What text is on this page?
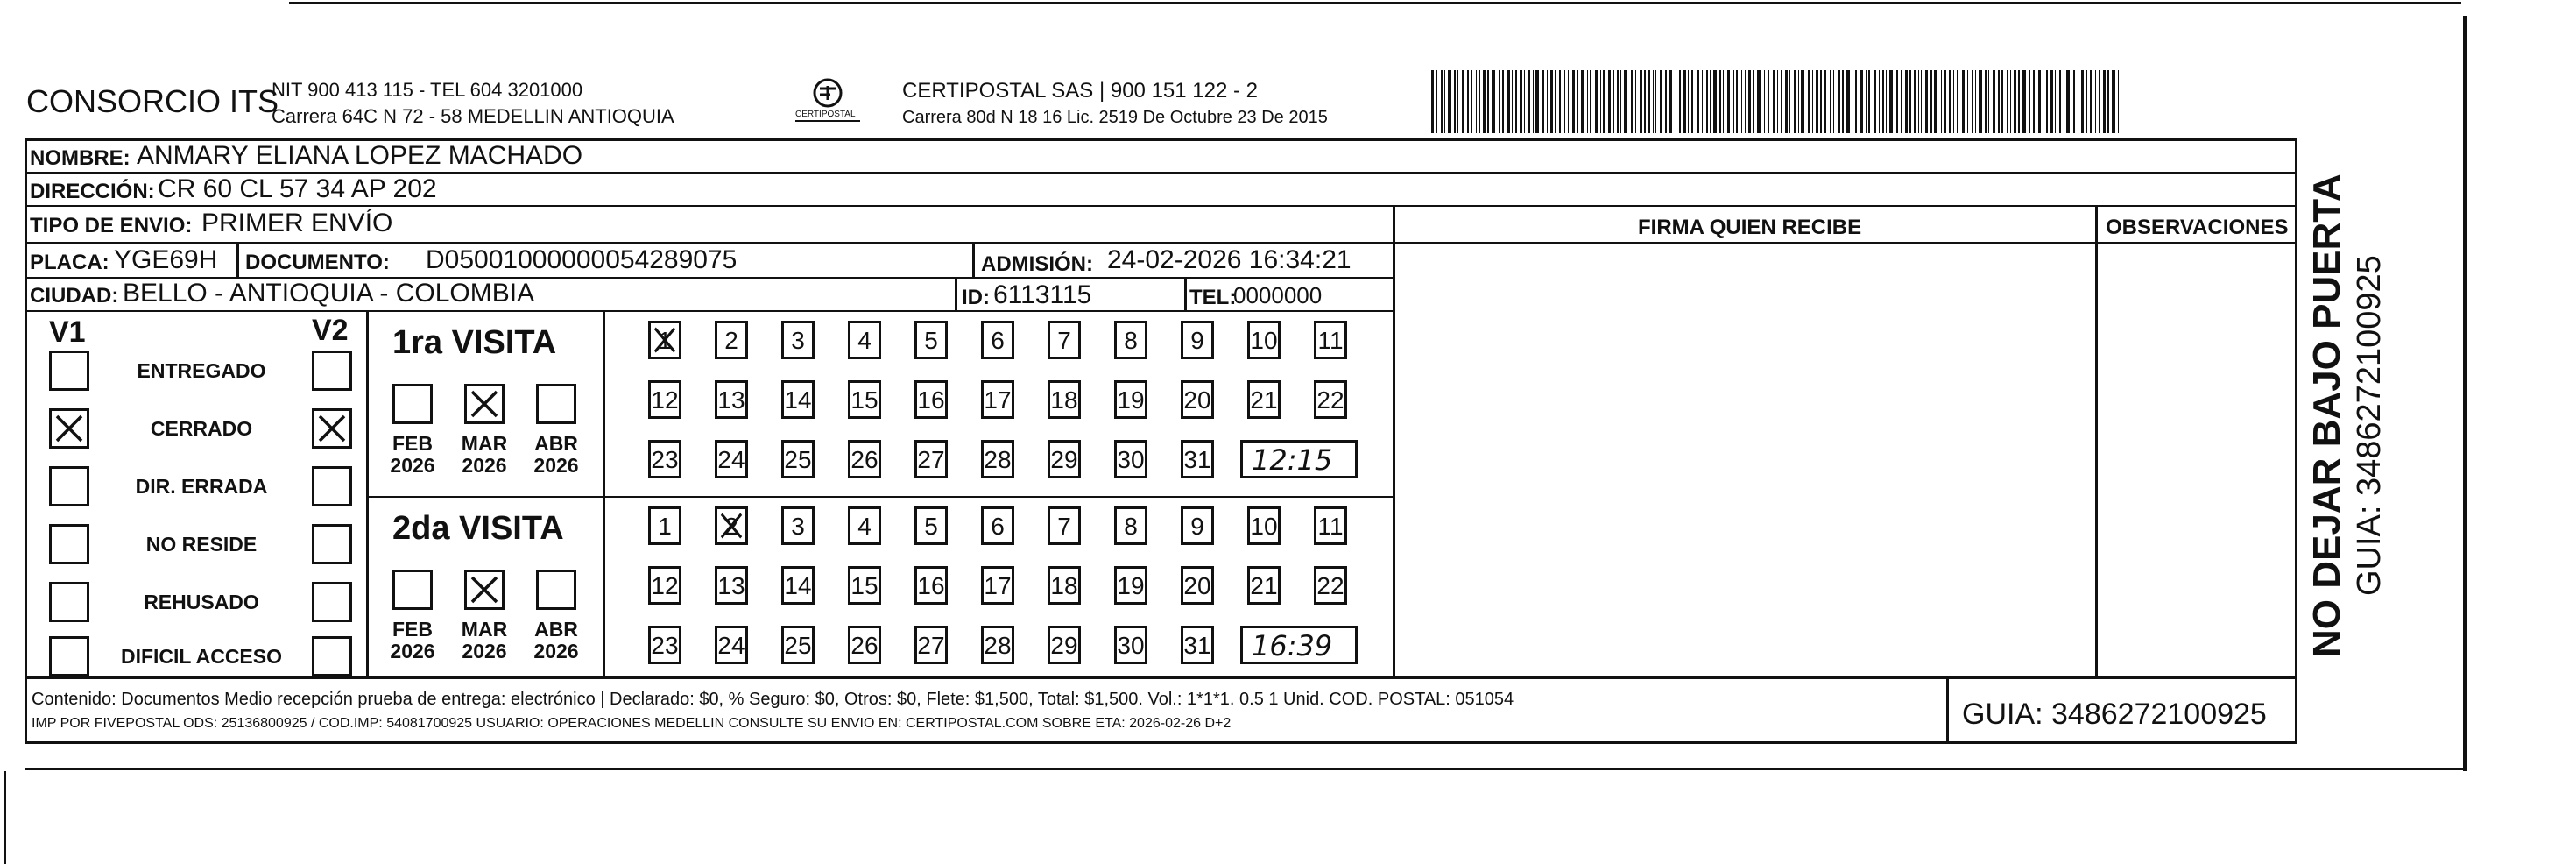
CONSORCIO ITS
NIT 900 413 115 - TEL 604 3201000
Carrera 64C N 72 - 58 MEDELLIN ANTIOQUIA	CERTIPOSTAL
CERTIPOSTAL SAS | 900 151 122 - 2
Carrera 80d N 18 16 Lic. 2519 De Octubre 23 De 2015
NOMBRE: ANMARY ELIANA LOPEZ MACHADO
DIRECCIÓN: CR 60 CL 57 34 AP 202
TIPO DE ENVIO: PRIMER ENVÍO	FIRMA QUIEN RECIBE	OBSERVACIONES
PLACA: YGE69H DOCUMENTO: D05001000000054289075	ADMISIÓN: 24-02-2026 16:34:21
CIUDAD: BELLO - ANTIOQUIA - COLOMBIA	ID: 6113115	TEL:
0000000
V1	V2
ENTREGADO
CERRADO
DIR. ERRADA
NO RESIDE
REHUSADO
DIFICIL ACCESO
1ra VISITA
FEB
2026
MAR
2026
ABR
2026
1	2	3	4	5	6	7	8	9	10 11
12 13 14 15 16 17 18 19 20 21 22
23 24 25 26 27 28 29 30 31 12:15
2da VISITA
FEB
2026
MAR
2026
ABR
2026
1	2	3	4	5	6	7	8	9	10 11
12 13 14 15 16 17 18 19 20 21 22
23 24 25 26 27 28 29 30 31 16:39
Contenido: Documentos Medio recepción prueba de entrega: electrónico | Declarado: $0, % Seguro: $0, Otros: $0, Flete: $1,500, Total: $1,500. Vol.: 1*1*1. 0.5 1 Unid. COD. POSTAL: 051054
IMP POR FIVEPOSTAL ODS: 25136800925 / COD.IMP: 54081700925 USUARIO: OPERACIONES MEDELLIN CONSULTE SU ENVIO EN: CERTIPOSTAL.COM SOBRE ETA: 2026-02-26 D+2	GUIA: 3486272100925
NO DEJAR BAJO PUERTA GUIA: 3486272100925
